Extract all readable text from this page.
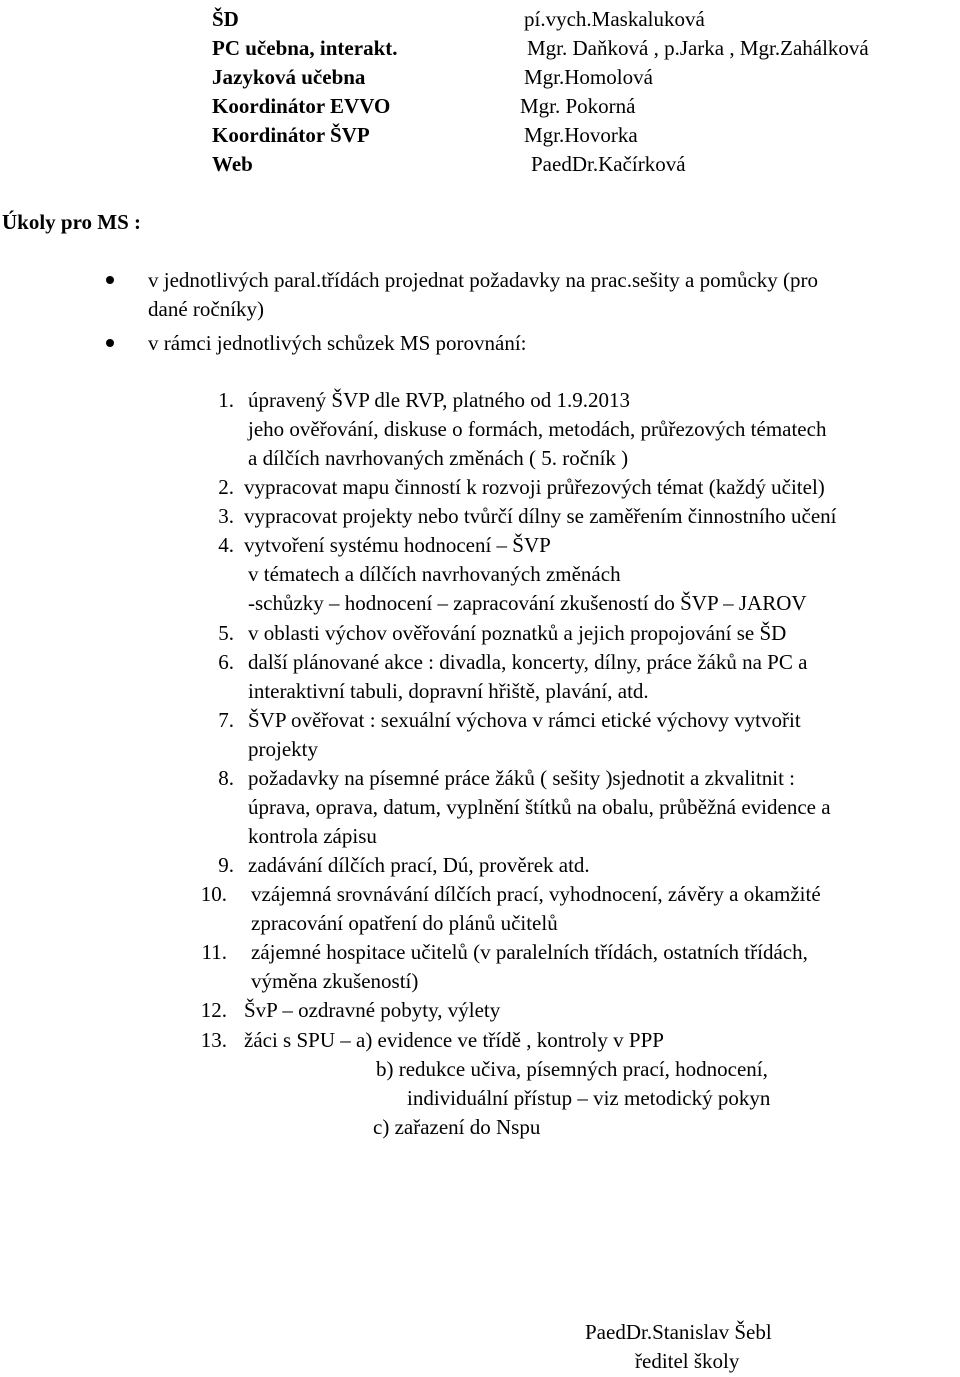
ŠD	pí.vych.Maskaluková
PC učebna, interakt.	Mgr. Daňková , p.Jarka , Mgr.Zahálková
Jazyková učebna	Mgr.Homolová
Koordinátor EVVO	Mgr. Pokorná
Koordinátor ŠVP	Mgr.Hovorka
Web	PaedDr.Kačírková
Úkoly pro MS :
v jednotlivých paral.třídách projednat požadavky na prac.sešity a pomůcky (pro
dané ročníky)
v rámci jednotlivých schůzek MS porovnání:
1. úpravený ŠVP dle RVP, platného od 1.9.2013
jeho ověřování, diskuse o formách, metodách, průřezových tématech
a dílčích navrhovaných změnách ( 5. ročník )
2. vypracovat mapu činností k rozvoji průřezových témat (každý učitel)
3. vypracovat projekty nebo tvůrčí dílny se zaměřením činnostního učení
4. vytvoření systému hodnocení – ŠVP
v tématech a dílčích navrhovaných změnách
-schůzky – hodnocení – zapracování zkušeností do ŠVP – JAROV
5. v oblasti výchov ověřování poznatků a jejich propojování se ŠD
6. další plánované akce : divadla, koncerty, dílny, práce žáků na PC a
interaktivní tabuli, dopravní hřiště, plavání, atd.
7. ŠVP ověřovat : sexuální výchova v rámci etické výchovy vytvořit
projekty
8. požadavky na písemné práce žáků ( sešity )sjednotit a zkvalitnit :
úprava, oprava, datum, vyplnění štítků na obalu, průběžná evidence a
kontrola zápisu
9. zadávání dílčích prací, Dú, prověrek atd.
10. vzájemná srovnávání dílčích prací, vyhodnocení, závěry a okamžité
zpracování opatření do plánů učitelů
11. zájemné hospitace učitelů (v paralelních třídách, ostatních třídách,
výměna zkušeností)
12. ŠvP – ozdravné pobyty, výlety
13. žáci s SPU – a) evidence ve třídě , kontroly v PPP
b) redukce učiva, písemných prací, hodnocení,
individuální přístup – viz metodický pokyn
c) zařazení do Nspu
PaedDr.Stanislav Šebl
ředitel školy
